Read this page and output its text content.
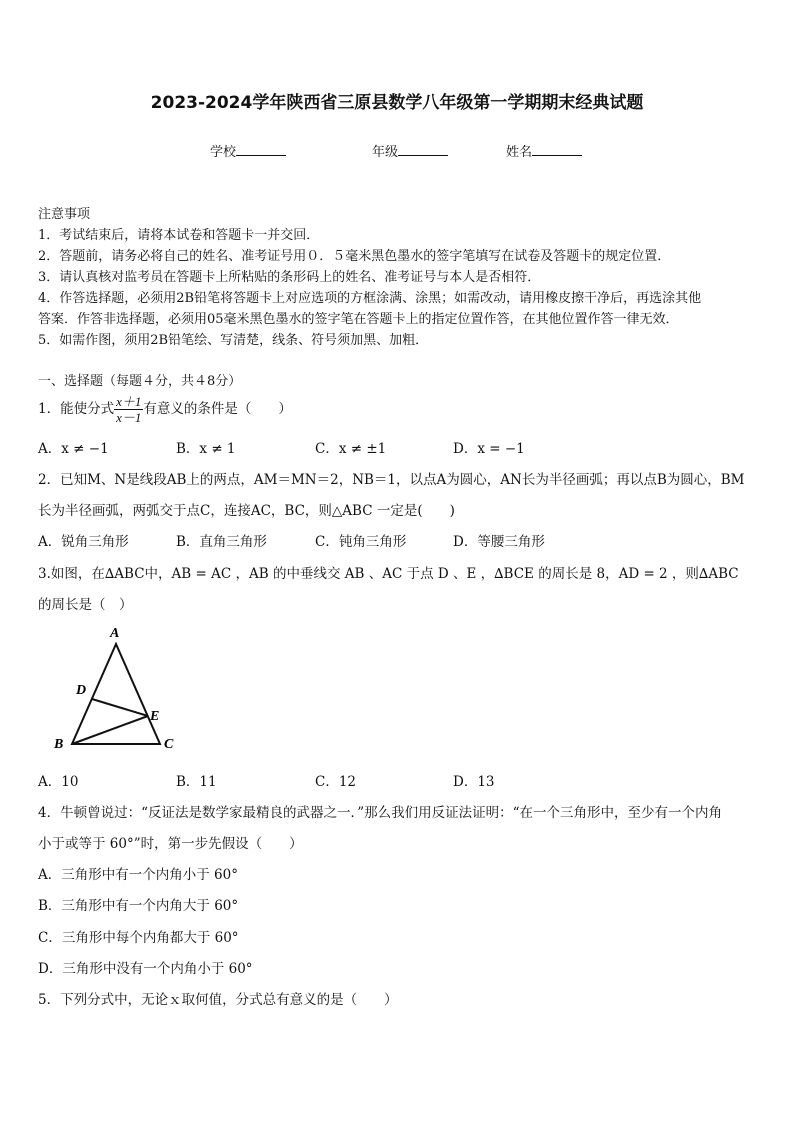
2023-2024学年陕西省三原县数学八年级第一学期期末经典试题
学校	年级	姓名
注意事项
1．考试结束后，请将本试卷和答题卡一并交回．
2．答题前，请务必将自己的姓名、准考证号用０．５毫米黑色墨水的签字笔填写在试卷及答题卡的规定位置．
3．请认真核对监考员在答题卡上所粘贴的条形码上的姓名、准考证号与本人是否相符．
4．作答选择题，必须用2B铅笔将答题卡上对应选项的方框涂满、涂黑；如需改动，请用橡皮擦干净后，再选涂其他
答案．作答非选择题，必须用05毫米黑色墨水的签字笔在答题卡上的指定位置作答，在其他位置作答一律无效．
5．如需作图，须用2B铅笔绘、写清楚，线条、符号须加黑、加粗．
一、选择题（每题４分，共４8分）
1．能使分式 $\frac{x+1}{x-1}$ 有意义的条件是（　　）
A．x ≠ −1	B．x ≠ 1	C．x ≠ ±1	D．x = −1
2．已知M、N是线段AB上的两点，AM＝MN＝2，NB＝1，以点A为圆心，AN长为半径画弧；再以点B为圆心，BM
长为半径画弧，两弧交于点C，连接AC，BC，则△ABC 一定是(　　)
A．锐角三角形	B．直角三角形	C．钝角三角形	D．等腰三角形
3.如图，在∆ABC中，AB = AC ，AB 的中垂线交 AB 、AC 于点 D 、E ，∆BCE 的周长是 8，AD = 2 ，则∆ABC
的周长是（　）
A
D
E
B	C
A．10	B．11	C．12	D．13
4．牛顿曾说过：“反证法是数学家最精良的武器之一．”那么我们用反证法证明：“在一个三角形中，至少有一个内角
小于或等于 60°”时，第一步先假设（　　）
A．三角形中有一个内角小于 60°
B．三角形中有一个内角大于 60°
C．三角形中每个内角都大于 60°
D．三角形中没有一个内角小于 60°
5．下列分式中，无论ｘ取何值，分式总有意义的是（　　）
